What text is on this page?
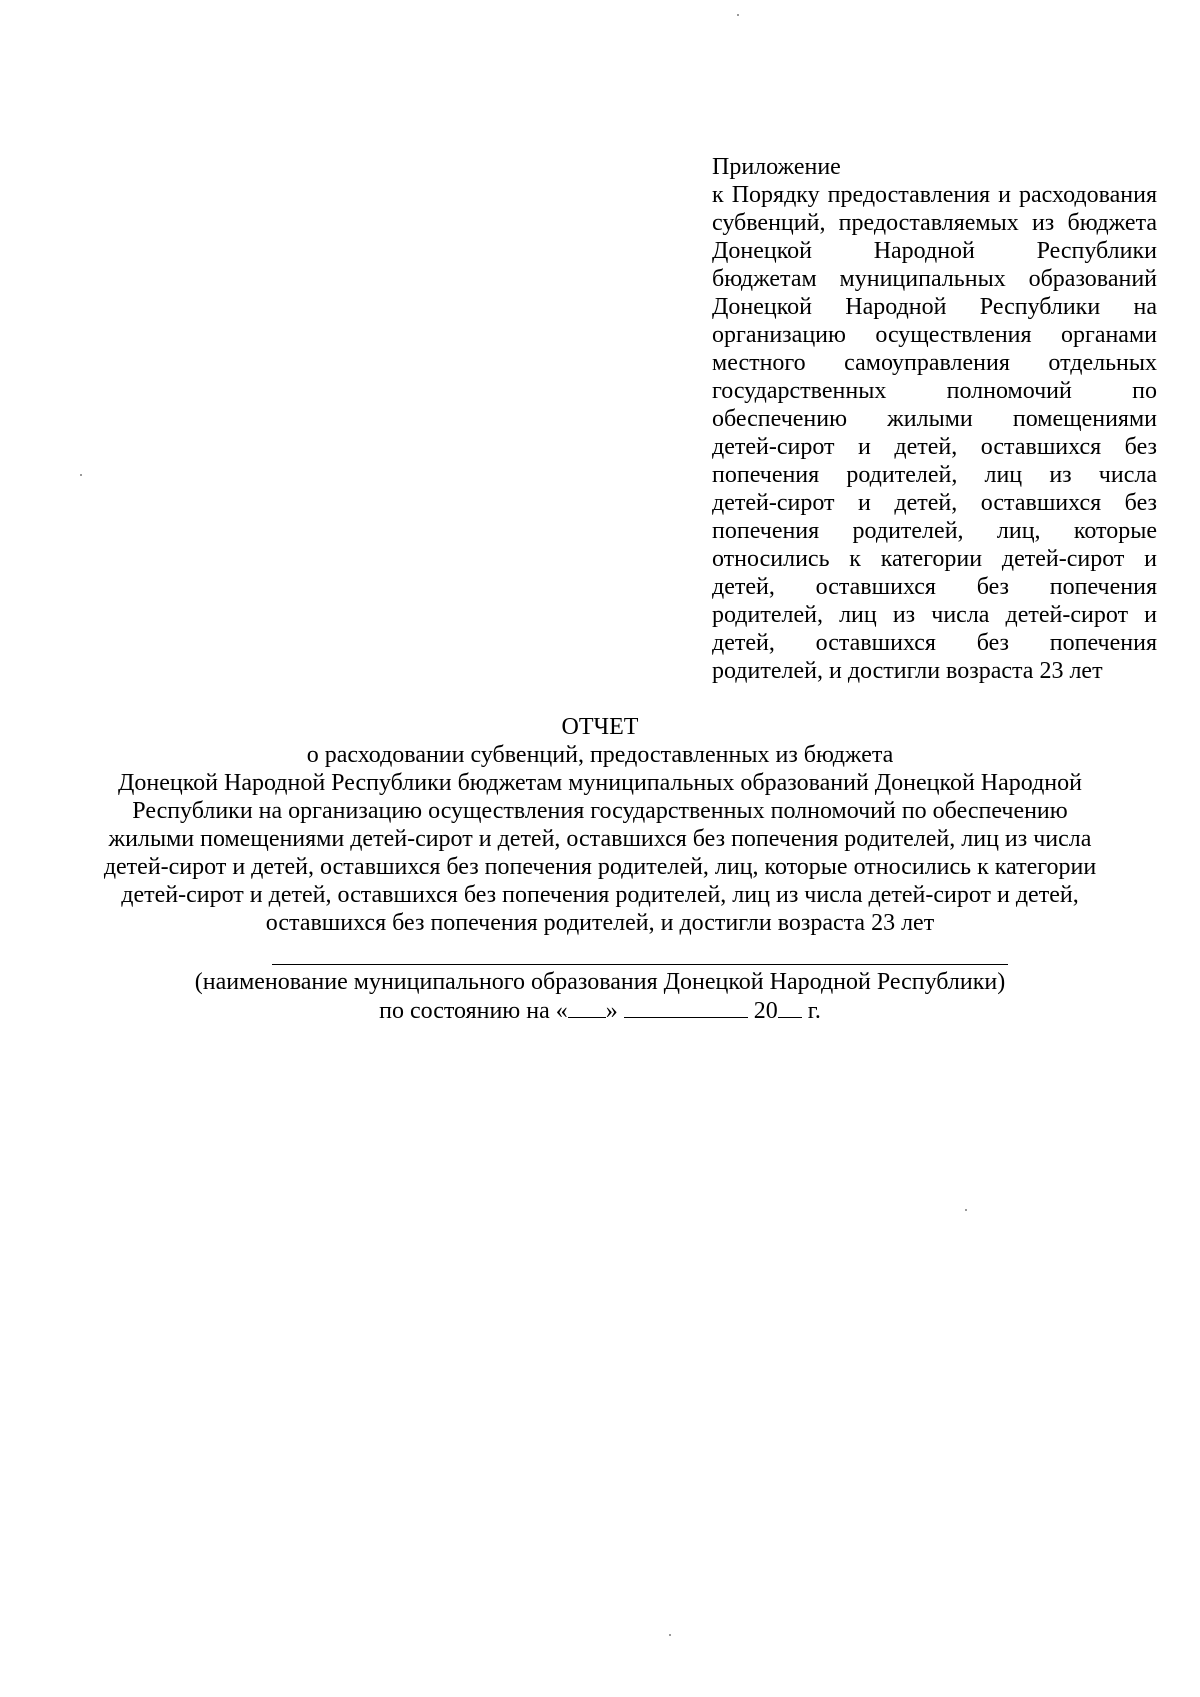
Приложение
к Порядку предоставления и расходования
субвенций, предоставляемых из бюджета
Донецкой Народной Республики
бюджетам муниципальных образований
Донецкой Народной Республики на
организацию осуществления органами
местного самоуправления отдельных
государственных полномочий по
обеспечению жилыми помещениями
детей-сирот и детей, оставшихся без
попечения родителей, лиц из числа
детей-сирот и детей, оставшихся без
попечения родителей, лиц, которые
относились к категории детей-сирот и
детей, оставшихся без попечения
родителей, лиц из числа детей-сирот и
детей, оставшихся без попечения
родителей, и достигли возраста 23 лет
ОТЧЕТ
о расходовании субвенций, предоставленных из бюджета
Донецкой Народной Республики бюджетам муниципальных образований Донецкой Народной
Республики на организацию осуществления государственных полномочий по обеспечению
жилыми помещениями детей-сирот и детей, оставшихся без попечения родителей, лиц из числа
детей-сирот и детей, оставшихся без попечения родителей, лиц, которые относились к категории
детей-сирот и детей, оставшихся без попечения родителей, лиц из числа детей-сирот и детей,
оставшихся без попечения родителей, и достигли возраста 23 лет
(наименование муниципального образования Донецкой Народной Республики)
по состоянию на « »	20 г.
